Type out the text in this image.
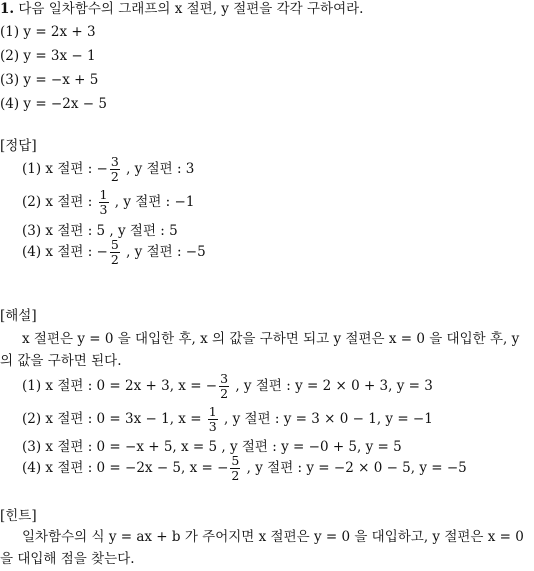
1. 다음 일차함수의 그래프의 x 절편, y 절편을 각각 구하여라.
(1) y = 2x + 3
(2) y = 3x − 1
(3) y = −x + 5
(4) y = −2x − 5
[정답]
(1) x 절편 : − $\frac{3}{2}$ , y 절편 : 3
(2) x 절편 : $\frac{1}{3}$ , y 절편 : −1
(3) x 절편 : 5 , y 절편 : 5
(4) x 절편 : − $\frac{5}{2}$ , y 절편 : −5
[해설]
x 절편은 y = 0 을 대입한 후, x 의 값을 구하면 되고 y 절편은 x = 0 을 대입한 후, y 의 값을 구하면 된다.
(1) x 절편 : 0 = 2x + 3, x = − $\frac{3}{2}$ , y 절편 : y = 2 × 0 + 3, y = 3
(2) x 절편 : 0 = 3x − 1, $x = \frac{1}{3}$ , y 절편 : y = 3 × 0 − 1, y = −1
(3) x 절편 : 0 = −x + 5, x = 5 , y 절편 : y = −0 + 5, y = 5
(4) x 절편 : 0 = −2x − 5, x = − $\frac{5}{2}$ , y 절편 : y = −2 × 0 − 5, y = −5
[힌트]
일차함수의 식 y = ax + b 가 주어지면 x 절편은 y = 0 을 대입하고, y 절편은 x = 0 을 대입해 점을 찾는다.
